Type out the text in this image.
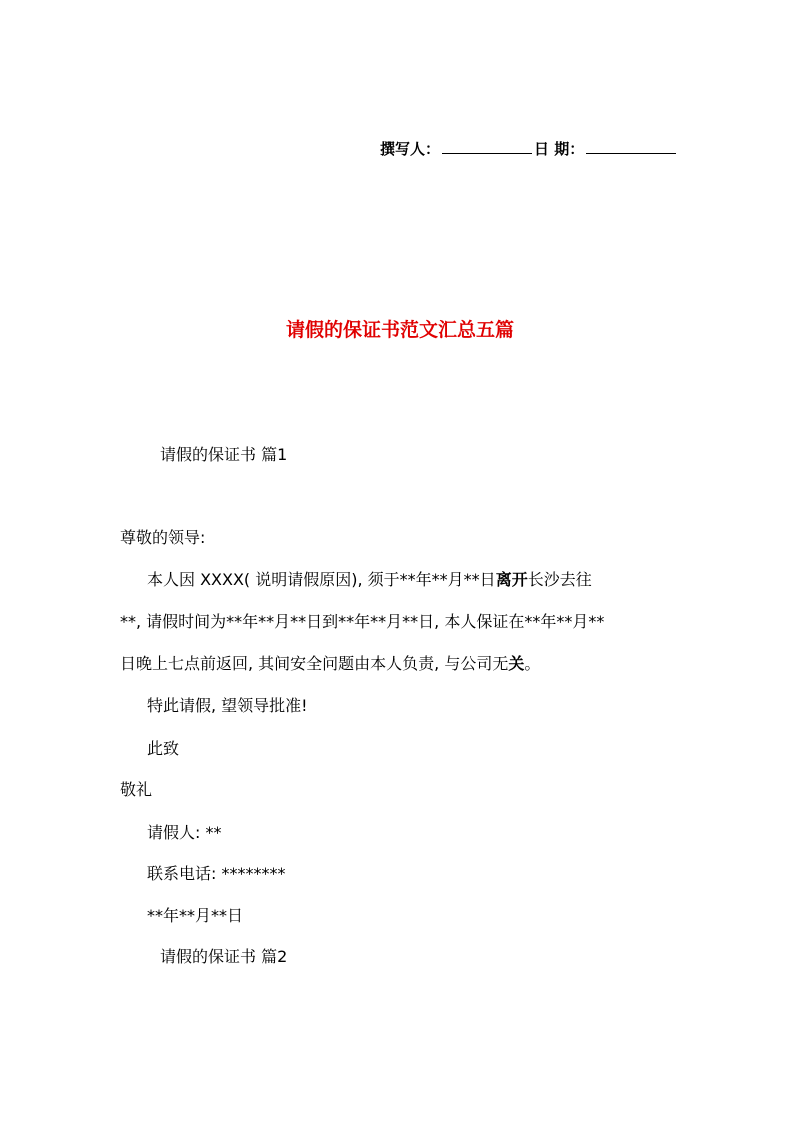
撰写人：	日 期：
请假的保证书范文汇总五篇
请假的保证书 篇1
尊敬的领导:
本人因 XXXX( 说明请假原因), 须于**年**月**日离开长沙去往
**, 请假时间为**年**月**日到**年**月**日, 本人保证在**年**月**
日晚上七点前返回, 其间安全问题由本人负责, 与公司无关。
特此请假, 望领导批准!
此致
敬礼
请假人: **
联系电话: ********
**年**月**日
请假的保证书 篇2
